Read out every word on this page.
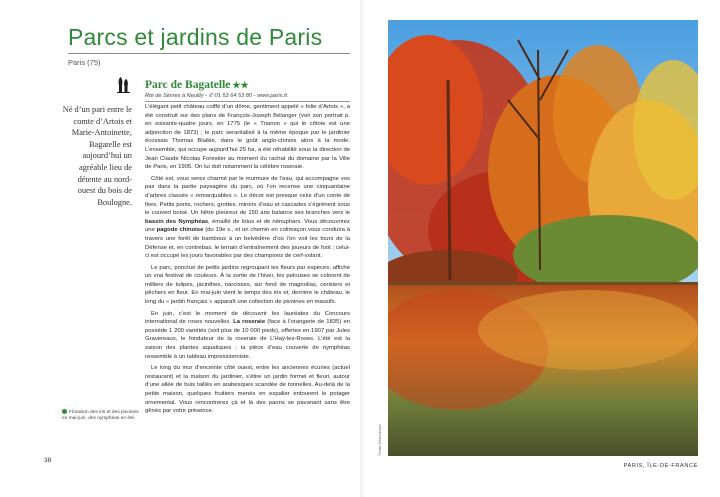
Parcs et jardins de Paris
Paris (75)
Parc de Bagatelle ★★
Rte de Sèvres à Neuilly - ✆ 01 53 64 53 80 - www.paris.fr.

Né d’un pari entre le comte d’Artois et Marie-Antoinette, Bagatelle est aujourd’hui un agréable lieu de détente au nord-ouest du bois de Boulogne.

L’élégant petit château coiffé d’un dôme, gentiment appelé « folie d’Artois », a été construit sur des plans de François-Joseph Bélanger (voir son portrait p. en soixante-quatre jours, en 1775 (le « Trianon » qui le côtoie est une adjonction de 1873) ; le parc seraréalisé à la même époque par le jardinier écossais Thomas Blaikie, dans le goût anglo-chinois alors à la mode. L’ensemble, qui occupe aujourd’hui 25 ha, a été réhabilité sous la direction de Jean Claude Nicolas Forestier au moment du rachat du domaine par la Ville de Paris, en 1905. On lui doit notamment la célèbre roseraie.

Côté est, vous serez charmé par le murmure de l’eau, qui accompagne vos pas dans la partie paysagère du parc, où l’on recense une cinquantaine d’arbres classés « remarquables ». Le décor est presque celui d’un conte de fées. Petits ponts, rochers, grottes, miroirs d’eau et cascades s’égrènent sous le couvert boisé. Un hêtre pleureur de 150 ans balance ses branches vers le bassin des Nymphéas, émaillé de lotus et de nénuphars. Vous découvrirez une pagode chinoise (du 19e s., et un chemin en colimaçon vous conduira à travers une forêt de bambous à un belvédère d’où l’on voit les tours de la Défense et, en contrebas, le terrain d’entraînement des joueurs de foot ; celui-ci est occupé les jours favorables par des champions de cerf-volant.

Le parc, ponctué de petits jardins regroupant les fleurs par espèces, affiche un vrai festival de couleurs. À la sortie de l’hiver, les pelouses se colorent de milliers de tulipes, jacinthes, narcisses, sur fond de magnolias, cerisiers et pêchers en fleur. En mai-juin vient le temps des iris et, derrière le château, le long du « jardin français » apparaît une collection de pivoines en massifs.

En juin, c’est le moment de découvrir les lauréates du Concours international de roses nouvelles. La roseraie (face à l’orangerie de 1835) en possède 1 200 variétés (soit plus de 10 000 pieds), offertes en 1907 par Jules Gravereaux, le fondateur de la roseraie de L’Haÿ-les-Roses. L’été est la saison des plantes aquatiques : la pièce d’eau couverte de nymphéas ressemble à un tableau impressionniste.

Le long du mur d’enceinte côté ouest, entre les anciennes écuries (actuel restaurant) et la maison du jardinier, s’étire un jardin formel et fleuri, autour d’une allée de buis taillés en arabesques scandée de tonnelles. Au-delà de la petite maison, quelques fruitiers menés en espalier entourent le potager ornemental. Vous rencontrerez çà et là des paons se pavanant sans être gênés par votre présence.

Floraison des iris et des pivoines en mai-juin, des nymphéas en été.
38
PARIS, ÎLE-DE-FRANCE
